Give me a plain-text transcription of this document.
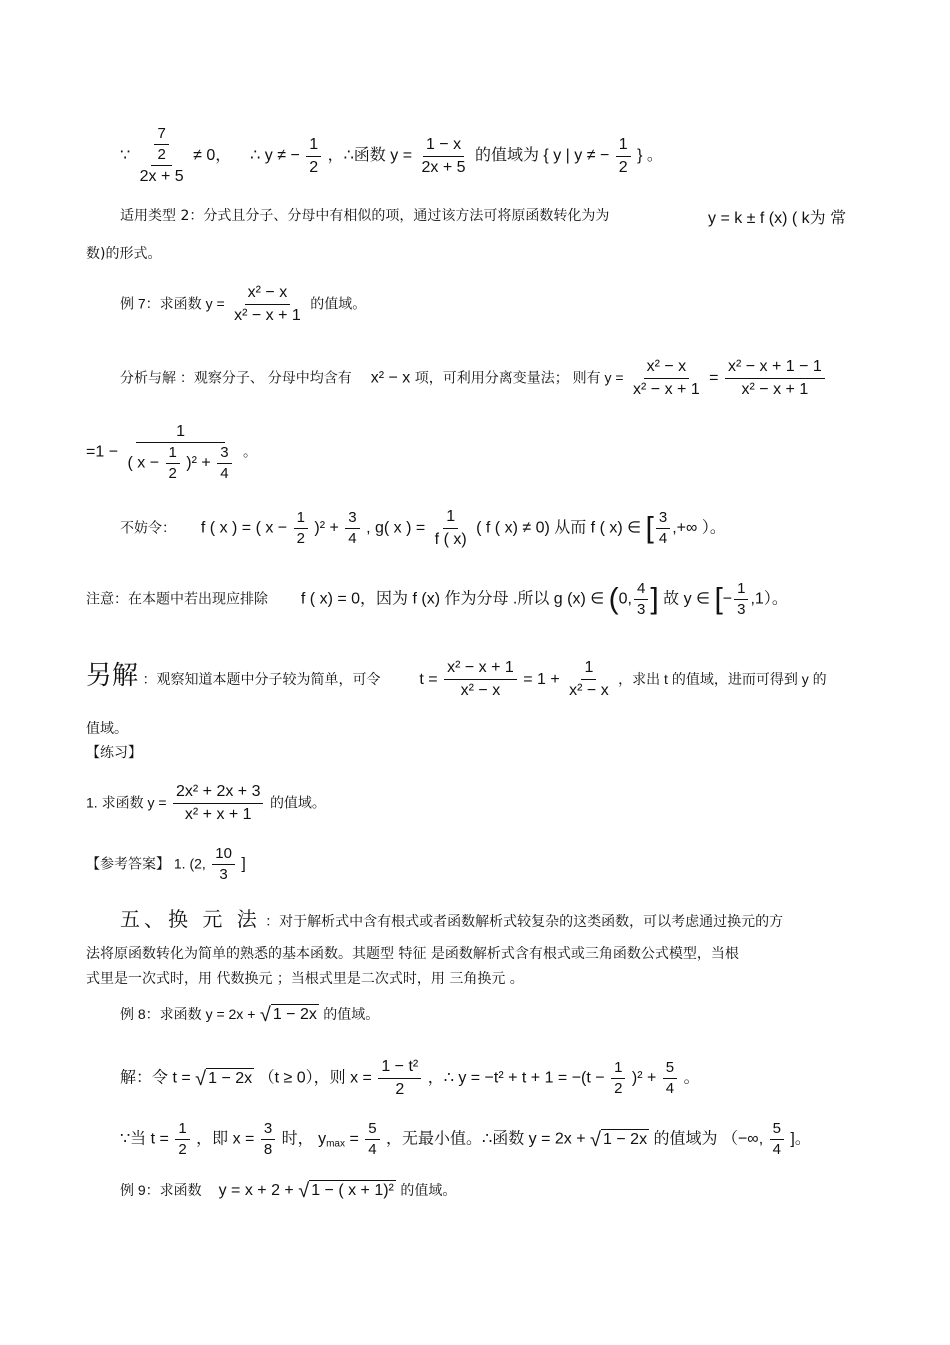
∵ $\frac{\frac{7}{2}}{2x + 5} \ne 0$， ∴ y ≠ − $\frac{1}{2}$ ，∴函数 $y = \frac{1 - x}{2x + 5}$ 的值域为 { y | y ≠ − $\frac{1}{2}$ } 。
适用类型 2：分式且分子、分母中有相似的项，通过该方法可将原函数转化为为	y = k ± f (x) ( k为 常
数)的形式。
例 7：求函数 $y = \frac{\text{x² − x}}{\text{x² − x + 1}}$ 的值域。
分析与解 ：观察分子、 分母中均含有 x² − x 项，可利用分离变量法； 则有 $y = \frac{\text{x² − x}}{\text{x² − x + 1}} = \frac{\text{x² − x + 1 − 1}}{\text{x² − x + 1}}$
$=1 - \frac{1}{( x - \frac{1}{2} )^2 + \frac{3}{4}}$ 。
不妨令： f ( x ) = ( $x - \frac{1}{2} )^2 + \frac{3}{4}$ , g( x ) = $\frac{1}{f ( x)}$ ( f ( x) ≠ 0) 从而 f ( x) ∈ [ $\frac{3}{4}$ ,+∞ ）。
注意：在本题中若出现应排除 f ( x) = 0，因为 f (x) 作为分母 .所以 g (x) ∈ (0, $\frac{4}{3}$ ] 故 y ∈ [− $\frac{1}{3} ,1$）。
另解 ：观察知道本题中分子较为简单，可令 $t = \frac{\text{x² − x + 1}}{\text{x² − x}} = 1 + \frac{1}{\text{x² − x}}$ ，求出 t 的值域，进而可得到 y 的
值域。
【练习】
1. 求函数 $y = \frac{\text{2x² + 2x + 3}}{\text{x² + x + 1}}$ 的值域。
【参考答案】 1. (2, $\frac{10}{3}$ ]
五、换 元 法 ：对于解析式中含有根式或者函数解析式较复杂的这类函数，可以考虑通过换元的方
法将原函数转化为简单的熟悉的基本函数。其题型 特征 是函数解析式含有根式或三角函数公式模型，当根
式里是一次式时，用 代数换元 ；当根式里是二次式时，用 三角换元 。
例 8：求函数 y = 2x + √ 1 − 2x 的值域。
解：令 t = √ 1 − 2x （t ≥ 0），则 $x = \frac{\text{1 − t²}}{2}$ ，∴ $y = -t^2 + t + 1 = -(t - \frac{1}{2} )^2 + \frac{5}{4}$ 。
∵当 $t = \frac{1}{2}$ ，即 $x = \frac{3}{8}$ 时， $y_{max} = \frac{5}{4}$ ，无最小值。∴函数 y = 2x + √ 1 − 2x 的值域为 （−∞, $\frac{5}{4}$ ]。
例 9：求函数 y = x + 2 + √ 1 − ( x + 1)² 的值域。
